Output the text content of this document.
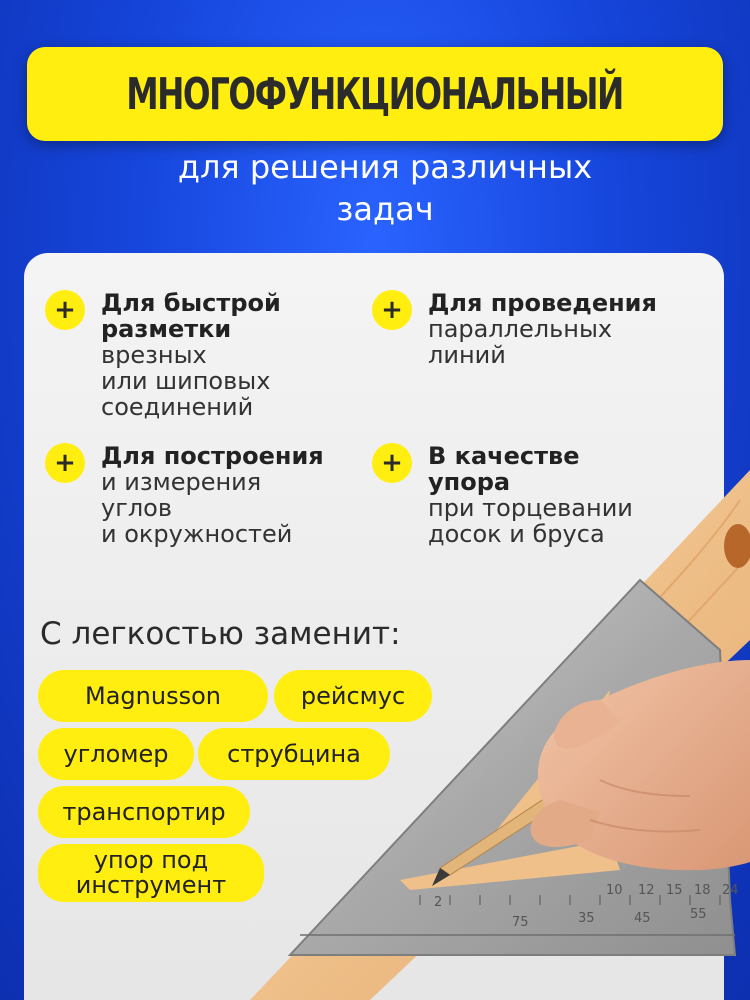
МНОГОФУНКЦИОНАЛЬНЫЙ
для решения различных
задач
2
10 12 15 18 24
75	35	45	55
+	Для быстрой
разметки
врезных
или шиповых
соединений
+	Для проведения
параллельных
линий
+	Для построения
и измерения
углов
и окружностей
+	В качестве
упора
при торцевании
досок и бруса
С легкостью заменит:
Magnusson	рейсмус
угломер струбцина
транспортир
упор под
инструмент
